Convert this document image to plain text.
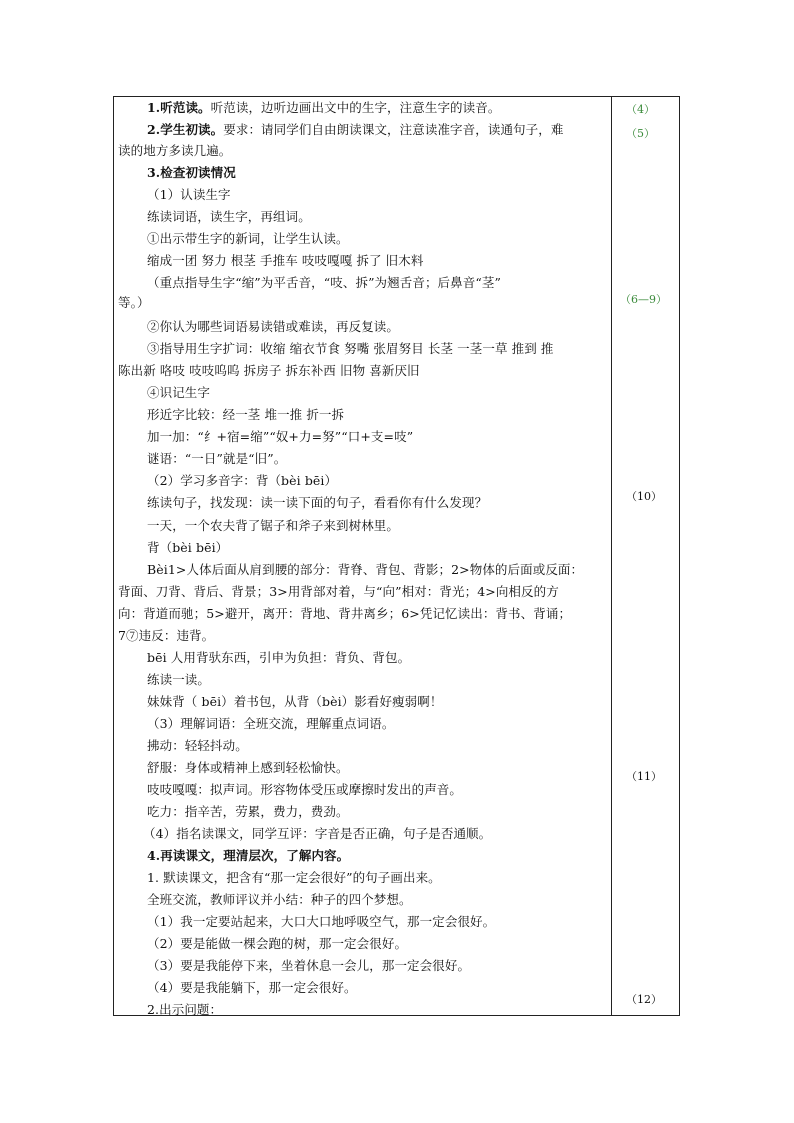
1.听范读。听范读，边听边画出文中的生字，注意生字的读音。
2.学生初读。要求：请同学们自由朗读课文，注意读准字音，读通句子，难
读的地方多读几遍。
3.检查初读情况
（1）认读生字
练读词语，读生字，再组词。
①出示带生字的新词，让学生认读。
缩成一团 努力 根茎 手推车 吱吱嘎嘎 拆了 旧木料
（重点指导生字“缩”为平舌音，“吱、拆”为翘舌音；后鼻音“茎”
等。）
②你认为哪些词语易读错或难读，再反复读。
③指导用生字扩词：收缩 缩衣节食 努嘴 张眉努目 长茎 一茎一草 推到 推
陈出新 咯吱 吱吱呜呜 拆房子 拆东补西 旧物 喜新厌旧
④识记生字
形近字比较：经一茎 堆一推 折一拆
加一加：“纟+宿=缩”“奴+力=努”“口+支=吱”
谜语：“一日”就是“旧”。
（2）学习多音字：背（bèi bēi）
练读句子，找发现：读一读下面的句子，看看你有什么发现？
一天，一个农夫背了锯子和斧子来到树林里。
背（bèi bēi）
Bèi1>人体后面从肩到腰的部分：背脊、背包、背影；2>物体的后面或反面：
背面、刀背、背后、背景；3>用背部对着，与“向”相对：背光；4>向相反的方
向：背道而驰；5>避开，离开：背地、背井离乡；6>凭记忆读出：背书、背诵；
7⑦违反：违背。
bēi 人用背驮东西，引申为负担：背负、背包。
练读一读。
妹妹背（ bēi）着书包，从背（bèi）影看好瘦弱啊！
（3）理解词语：全班交流，理解重点词语。
拂动：轻轻抖动。
舒服：身体或精神上感到轻松愉快。
吱吱嘎嘎：拟声词。形容物体受压或摩擦时发出的声音。
吃力：指辛苦，劳累，费力，费劲。
（4）指名读课文，同学互评：字音是否正确，句子是否通顺。
4.再读课文，理清层次，了解内容。
1. 默读课文，把含有“那一定会很好”的句子画出来。
全班交流，教师评议并小结：种子的四个梦想。
（1）我一定要站起来，大口大口地呼吸空气，那一定会很好。
（2）要是能做一棵会跑的树，那一定会很好。
（3）要是我能停下来，坐着休息一会儿，那一定会很好。
（4）要是我能躺下，那一定会很好。
2.出示问题：
（4）
（5）
（6—9）
（10）
（11）
（12）
